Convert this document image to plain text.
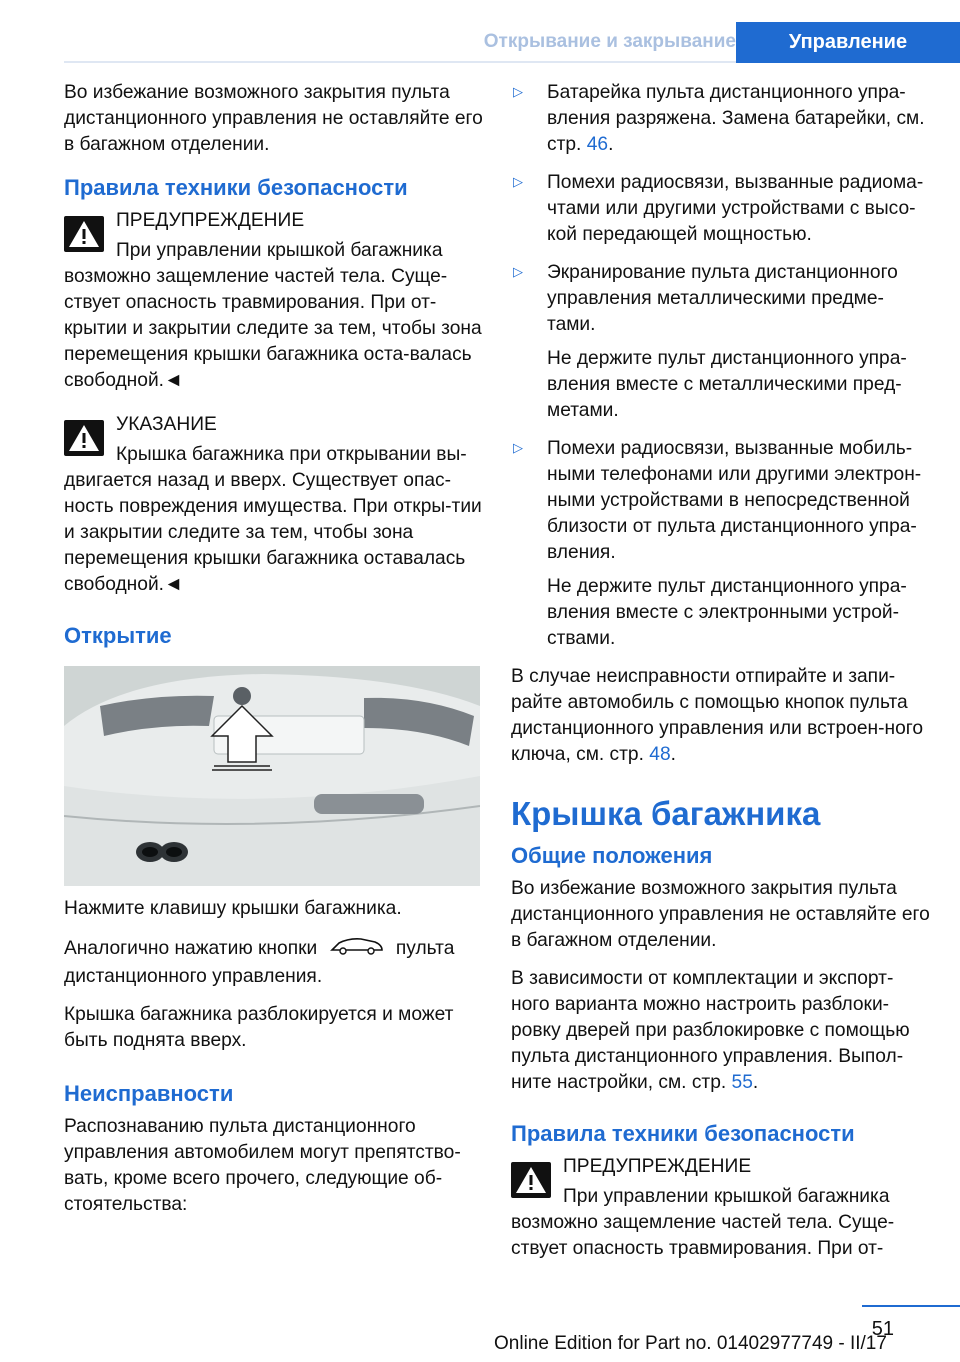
Открывание и закрывание	Управление

Во избежание возможного закрытия пульта дистанционного управления не оставляйте его в багажном отделении.

Правила техники безопасности

ПРЕДУПРЕЖДЕНИЕ

При управлении крышкой багажника

возможно защемление частей тела. Суще-ствует опасность травмирования. При от-крытии и закрытии следите за тем, чтобы зона перемещения крышки багажника оста-валась свободной.◄

УКАЗАНИЕ

Крышка багажника при открывании вы-

двигается назад и вверх. Существует опас-ность повреждения имущества. При откры-тии и закрытии следите за тем, чтобы зона перемещения крышки багажника оставалась свободной.◄

Открытие

Нажмите клавишу крышки багажника.

Аналогично нажатию кнопки	пульта дистанционного управления.

Крышка багажника разблокируется и может быть поднята вверх.

Неисправности

Распознаванию пульта дистанционного управления автомобилем могут препятство-вать, кроме всего прочего, следующие об-стоятельства:

▷ Батарейка пульта дистанционного упра-вления разряжена. Замена батарейки, см. стр. 46.

▷ Помехи радиосвязи, вызванные радиома-чтами или другими устройствами с высо-кой передающей мощностью.

▷ Экранирование пульта дистанционного управления металлическими предме-тами.

Не держите пульт дистанционного упра-вления вместе с металлическими пред-метами.

▷ Помехи радиосвязи, вызванные мобиль-ными телефонами или другими электрон-ными устройствами в непосредственной близости от пульта дистанционного упра-вления.

Не держите пульт дистанционного упра-вления вместе с электронными устрой-ствами.

В случае неисправности отпирайте и запи-райте автомобиль с помощью кнопок пульта дистанционного управления или встроен-ного ключа, см. стр. 48.

Крышка багажника
Общие положения

Во избежание возможного закрытия пульта дистанционного управления не оставляйте его в багажном отделении.

В зависимости от комплектации и экспорт-ного варианта можно настроить разблоки-ровку дверей при разблокировке с помощью пульта дистанционного управления. Выпол-ните настройки, см. стр. 55.

Правила техники безопасности

ПРЕДУПРЕЖДЕНИЕ

При управлении крышкой багажника

возможно защемление частей тела. Суще-ствует опасность травмирования. При от-

51
Online Edition for Part no. 01402977749 - II/17
